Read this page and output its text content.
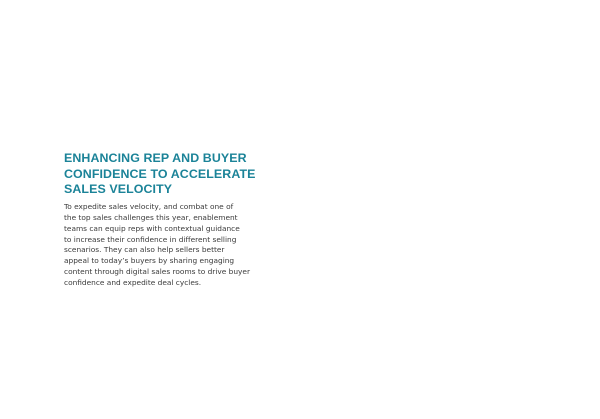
ENHANCING REP AND BUYER
CONFIDENCE TO ACCELERATE
SALES VELOCITY

To expedite sales velocity, and combat one of
the top sales challenges this year, enablement
teams can equip reps with contextual guidance
to increase their confidence in different selling
scenarios. They can also help sellers better
appeal to today’s buyers by sharing engaging
content through digital sales rooms to drive buyer
confidence and expedite deal cycles.
